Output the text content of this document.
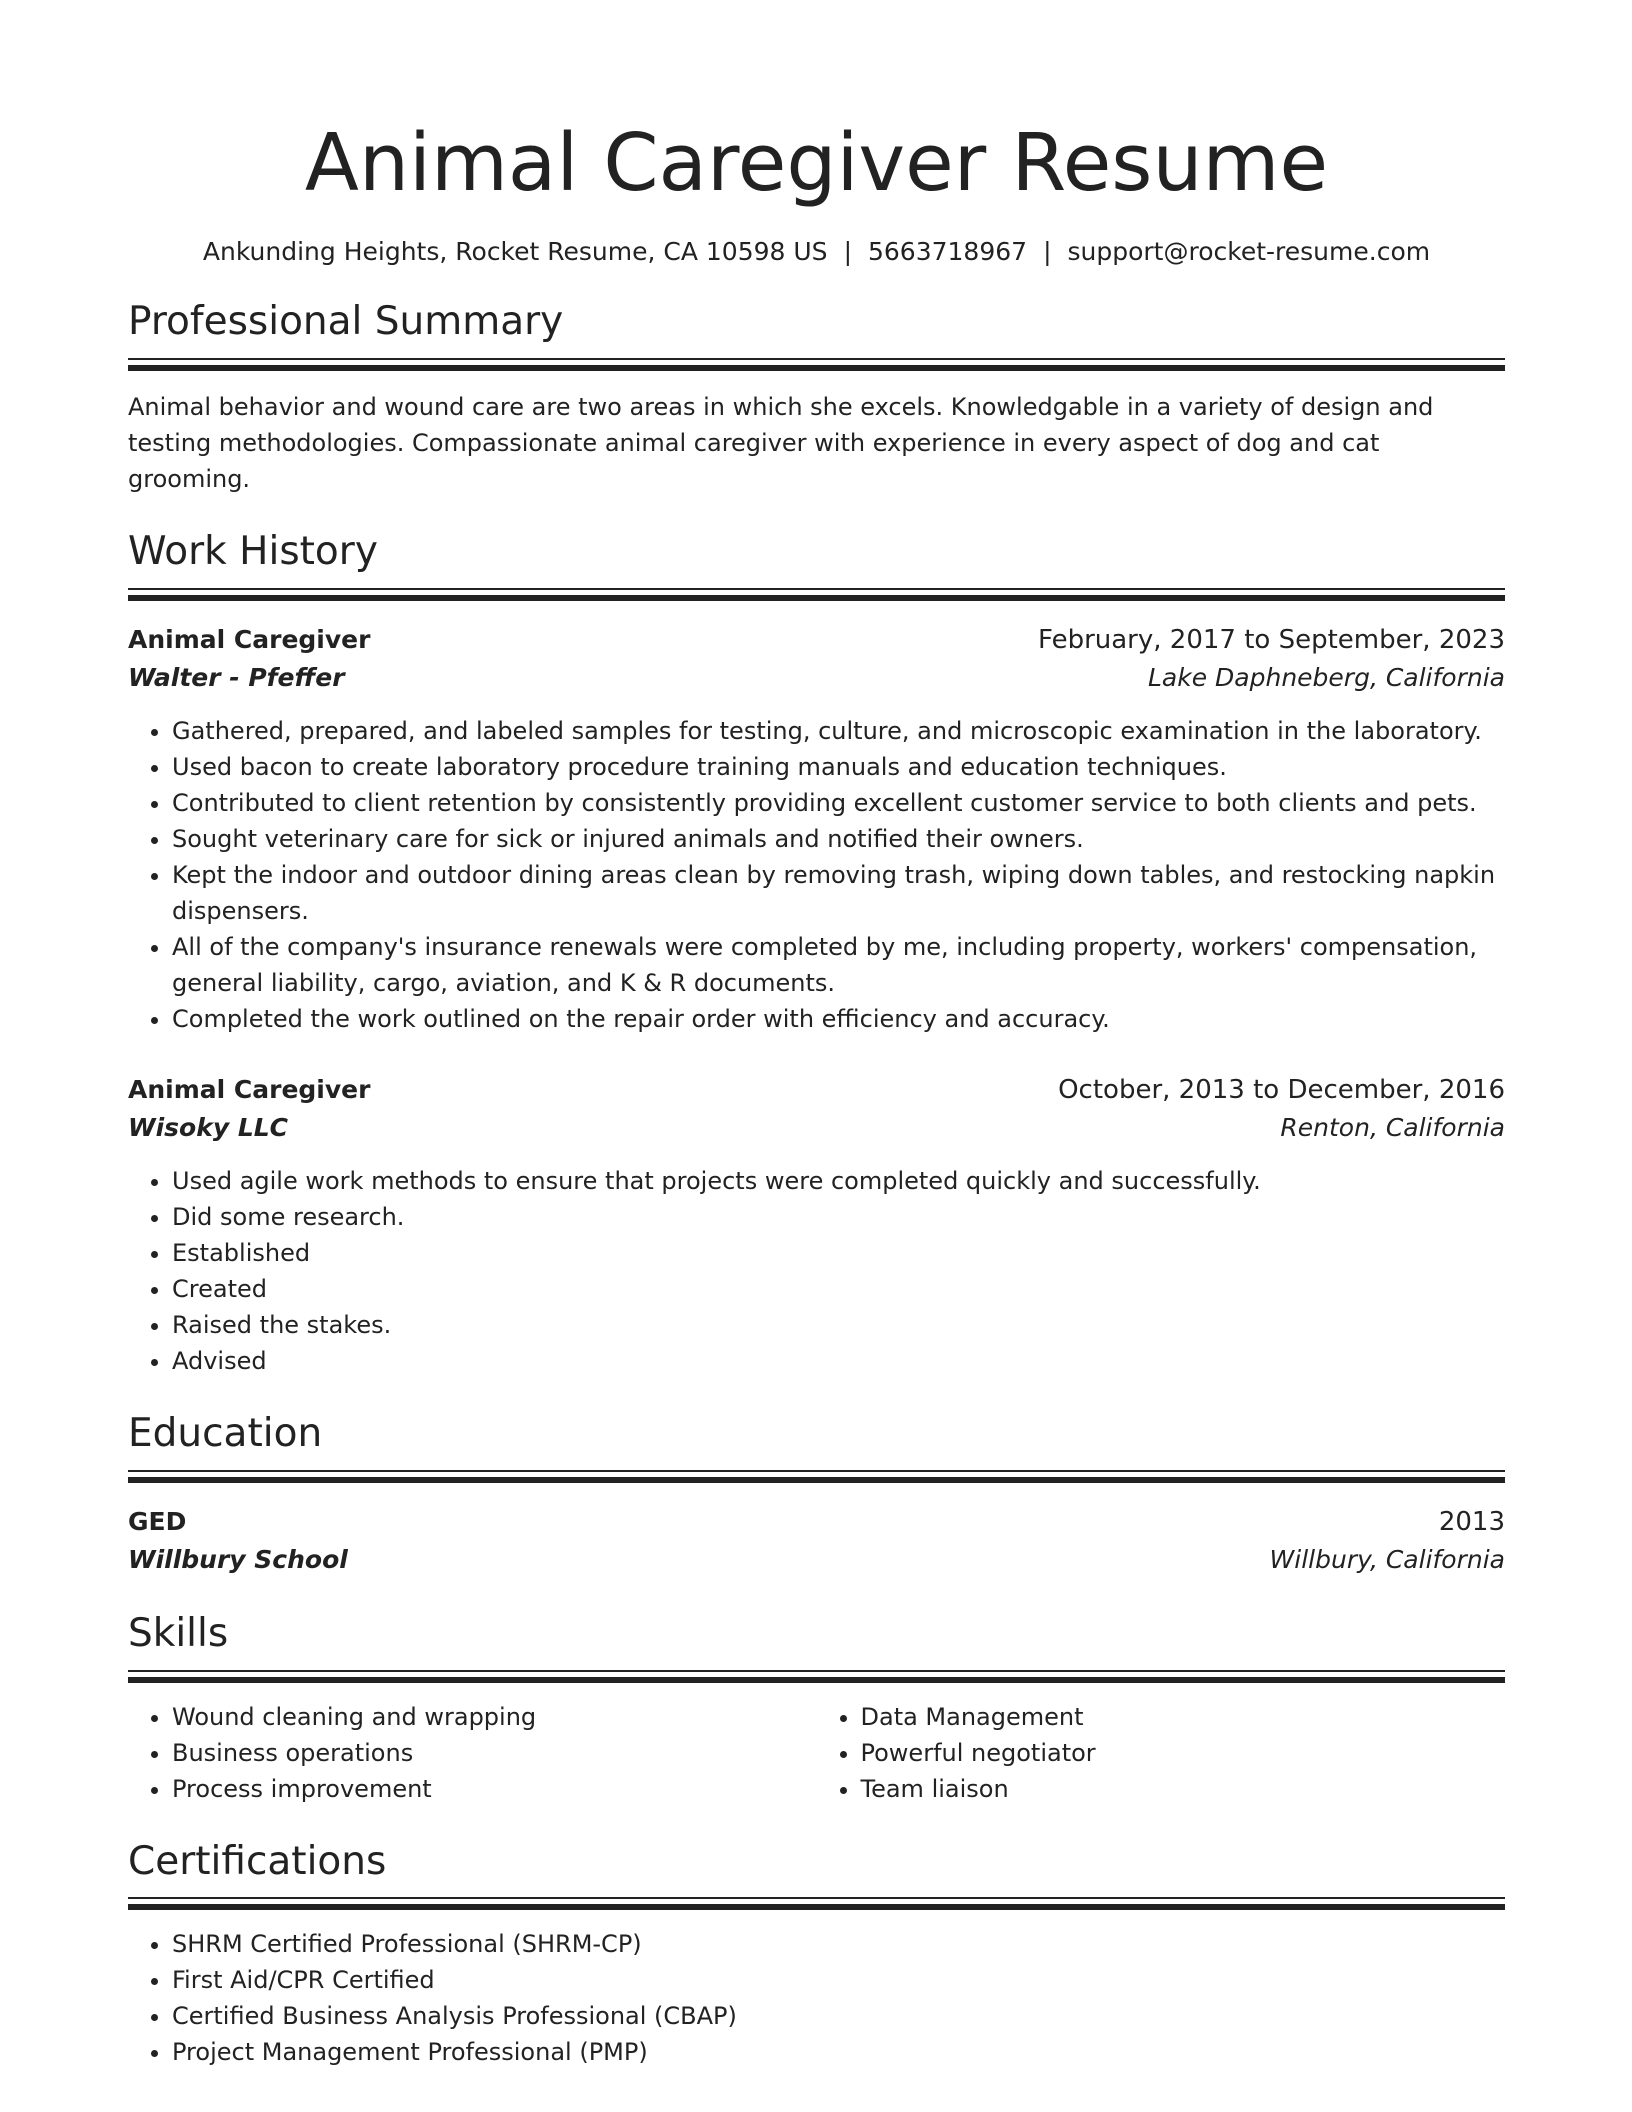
Animal Caregiver Resume
Ankunding Heights, Rocket Resume, CA 10598 US | 5663718967 | support@rocket-resume.com
Professional Summary
Animal behavior and wound care are two areas in which she excels. Knowledgable in a variety of design and testing methodologies. Compassionate animal caregiver with experience in every aspect of dog and cat grooming.
Work History
Animal Caregiver	February, 2017 to September, 2023
Walter - Pfeffer	Lake Daphneberg, California
• Gathered, prepared, and labeled samples for testing, culture, and microscopic examination in the laboratory.
• Used bacon to create laboratory procedure training manuals and education techniques.
• Contributed to client retention by consistently providing excellent customer service to both clients and pets.
• Sought veterinary care for sick or injured animals and notified their owners.
• Kept the indoor and outdoor dining areas clean by removing trash, wiping down tables, and restocking napkin dispensers.
• All of the company's insurance renewals were completed by me, including property, workers' compensation, general liability, cargo, aviation, and K & R documents.
• Completed the work outlined on the repair order with efficiency and accuracy.
Animal Caregiver	October, 2013 to December, 2016
Wisoky LLC	Renton, California
• Used agile work methods to ensure that projects were completed quickly and successfully.
• Did some research.
• Established
• Created
• Raised the stakes.
• Advised
Education
GED	2013
Willbury School	Willbury, California
Skills
• Wound cleaning and wrapping
• Business operations
• Process improvement
• Data Management
• Powerful negotiator
• Team liaison
Certifications
• SHRM Certified Professional (SHRM-CP)
• First Aid/CPR Certified
• Certified Business Analysis Professional (CBAP)
• Project Management Professional (PMP)
